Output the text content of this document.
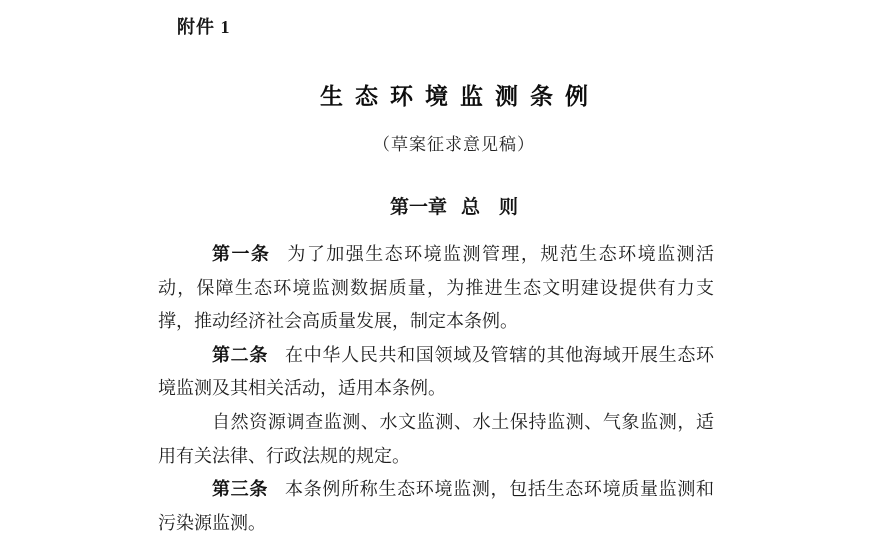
附件 1
生态环境监测条例
（草案征求意见稿）
第一章 总　则

第一条 为了加强生态环境监测管理，规范生态环境监测活动，保障生态环境监测数据质量，为推进生态文明建设提供有力支撑，推动经济社会高质量发展，制定本条例。

第二条 在中华人民共和国领域及管辖的其他海域开展生态环境监测及其相关活动，适用本条例。

自然资源调查监测、水文监测、水土保持监测、气象监测，适用有关法律、行政法规的规定。

第三条 本条例所称生态环境监测，包括生态环境质量监测和污染源监测。
